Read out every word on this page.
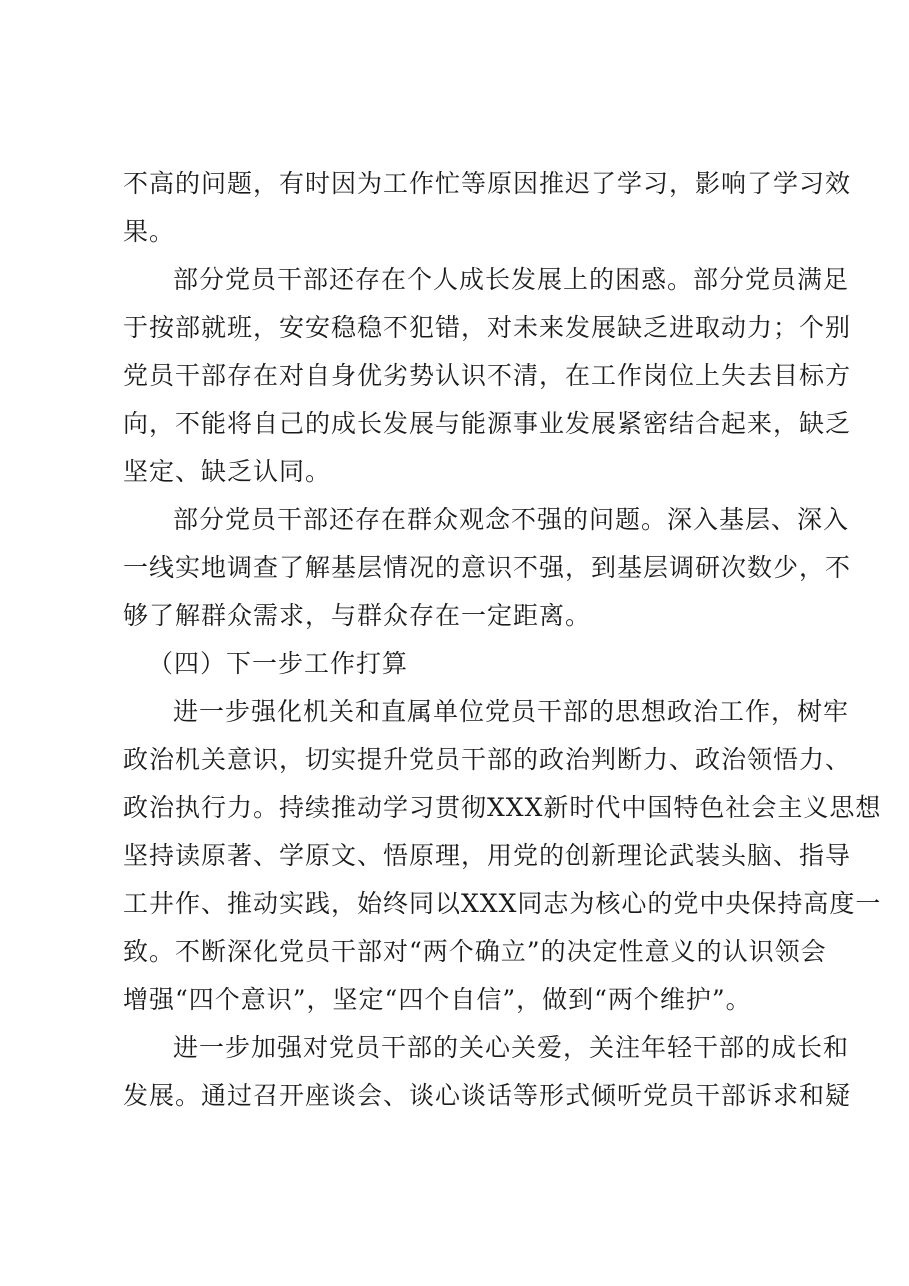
不高的问题，有时因为工作忙等原因推迟了学习，影响了学习效
果。
部分党员干部还存在个人成长发展上的困惑。部分党员满足
于按部就班，安安稳稳不犯错，对未来发展缺乏进取动力；个别
党员干部存在对自身优劣势认识不清，在工作岗位上失去目标方
向，不能将自己的成长发展与能源事业发展紧密结合起来，缺乏
坚定、缺乏认同。
部分党员干部还存在群众观念不强的问题。深入基层、深入
一线实地调查了解基层情况的意识不强，到基层调研次数少，不
够了解群众需求，与群众存在一定距离。
（四）下一步工作打算
进一步强化机关和直属单位党员干部的思想政治工作，树牢
政治机关意识，切实提升党员干部的政治判断力、政治领悟力、
政治执行力。持续推动学习贯彻XXX新时代中国特色社会主义思想
坚持读原著、学原文、悟原理，用党的创新理论武装头脑、指导
工井作、推动实践，始终同以XXX同志为核心的党中央保持高度一
致。不断深化党员干部对“两个确立”的决定性意义的认识领会
增强“四个意识”，坚定“四个自信”，做到“两个维护”。
进一步加强对党员干部的关心关爱，关注年轻干部的成长和
发展。通过召开座谈会、谈心谈话等形式倾听党员干部诉求和疑
